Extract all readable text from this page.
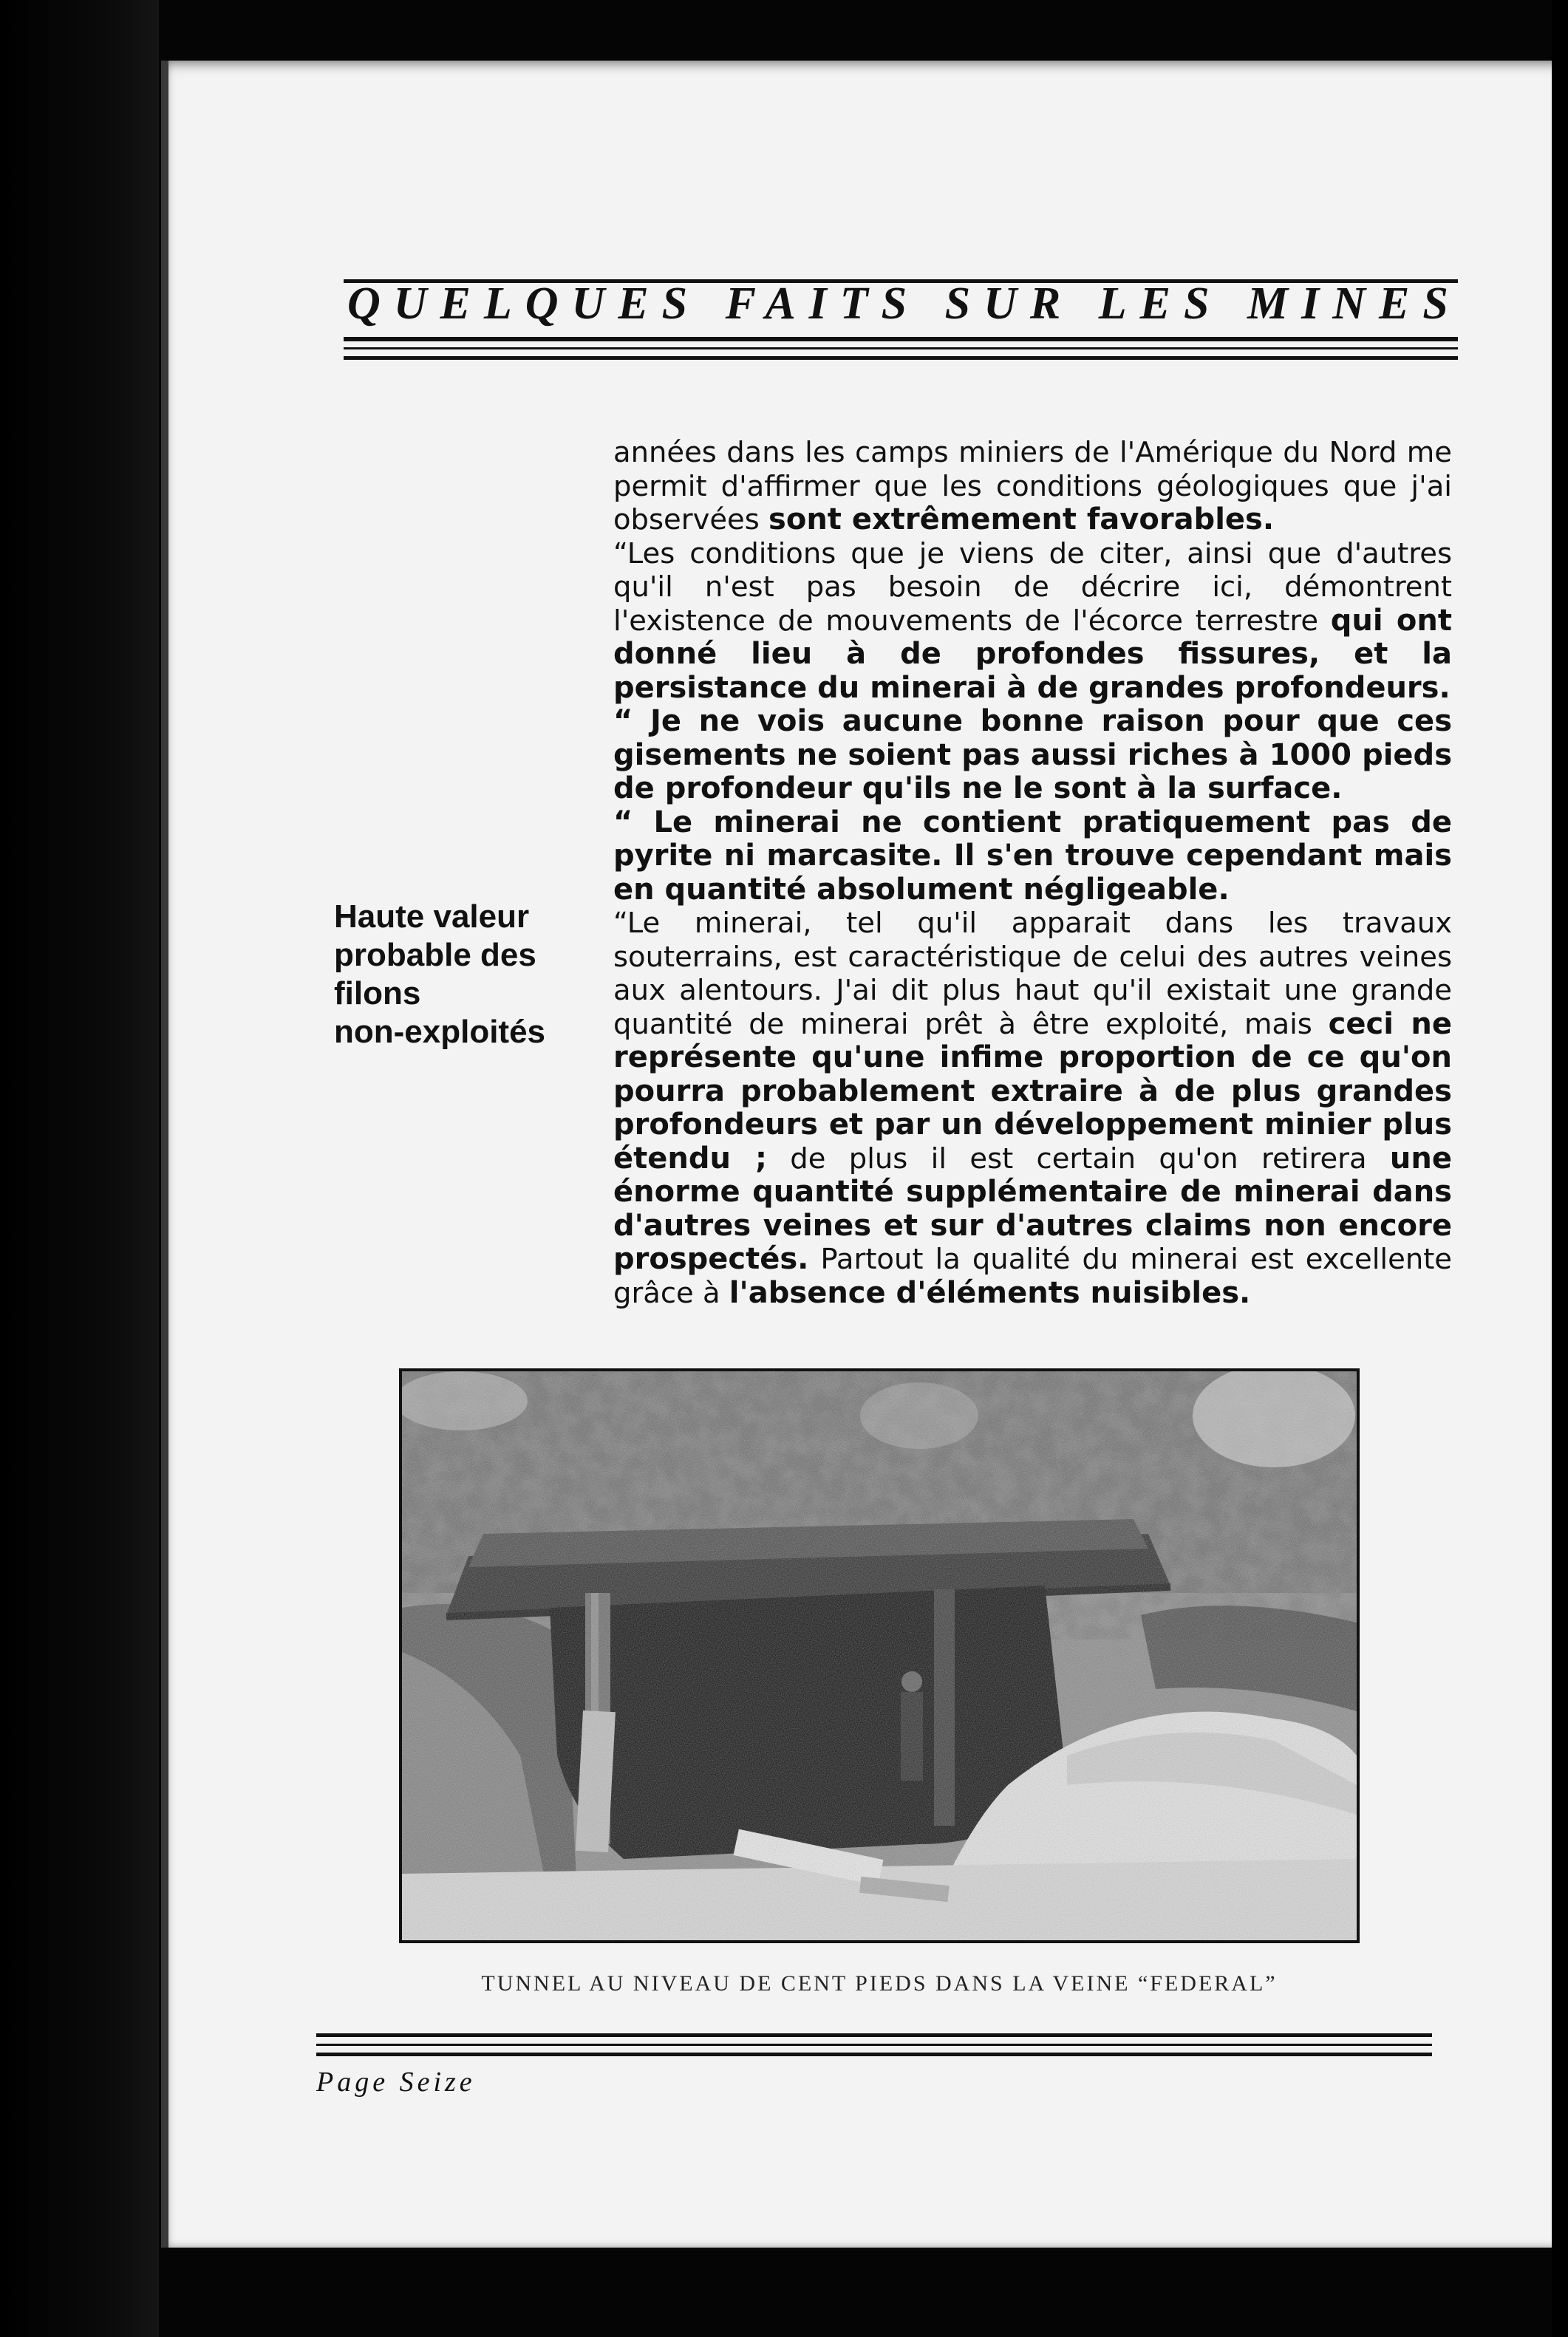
QUELQUES FAITS SUR LES MINES
Haute valeur
probable des
filons
non-exploités

années dans les camps miniers de l'Amérique du Nord me permit d'affirmer que les conditions géologiques que j'ai observées sont extrêmement favorables.

“Les conditions que je viens de citer, ainsi que d'autres qu'il n'est pas besoin de décrire ici, démontrent l'existence de mouvements de l'écorce terrestre qui ont donné lieu à de profondes fissures, et la persistance du minerai à de grandes profondeurs.

“ Je ne vois aucune bonne raison pour que ces gisements ne soient pas aussi riches à 1000 pieds de profondeur qu'ils ne le sont à la surface.

“ Le minerai ne contient pratiquement pas de pyrite ni marcasite. Il s'en trouve cependant mais en quantité absolument négligeable.

“Le minerai, tel qu'il apparait dans les travaux souterrains, est caractéristique de celui des autres veines aux alentours. J'ai dit plus haut qu'il existait une grande quantité de minerai prêt à être exploité, mais ceci ne représente qu'une infime proportion de ce qu'on pourra probablement extraire à de plus grandes profondeurs et par un développement minier plus étendu ; de plus il est certain qu'on retirera une énorme quantité supplémentaire de minerai dans d'autres veines et sur d'autres claims non encore prospectés. Partout la qualité du minerai est excellente grâce à l'absence d'éléments nuisibles.

TUNNEL AU NIVEAU DE CENT PIEDS DANS LA VEINE “FEDERAL”
Page Seize
